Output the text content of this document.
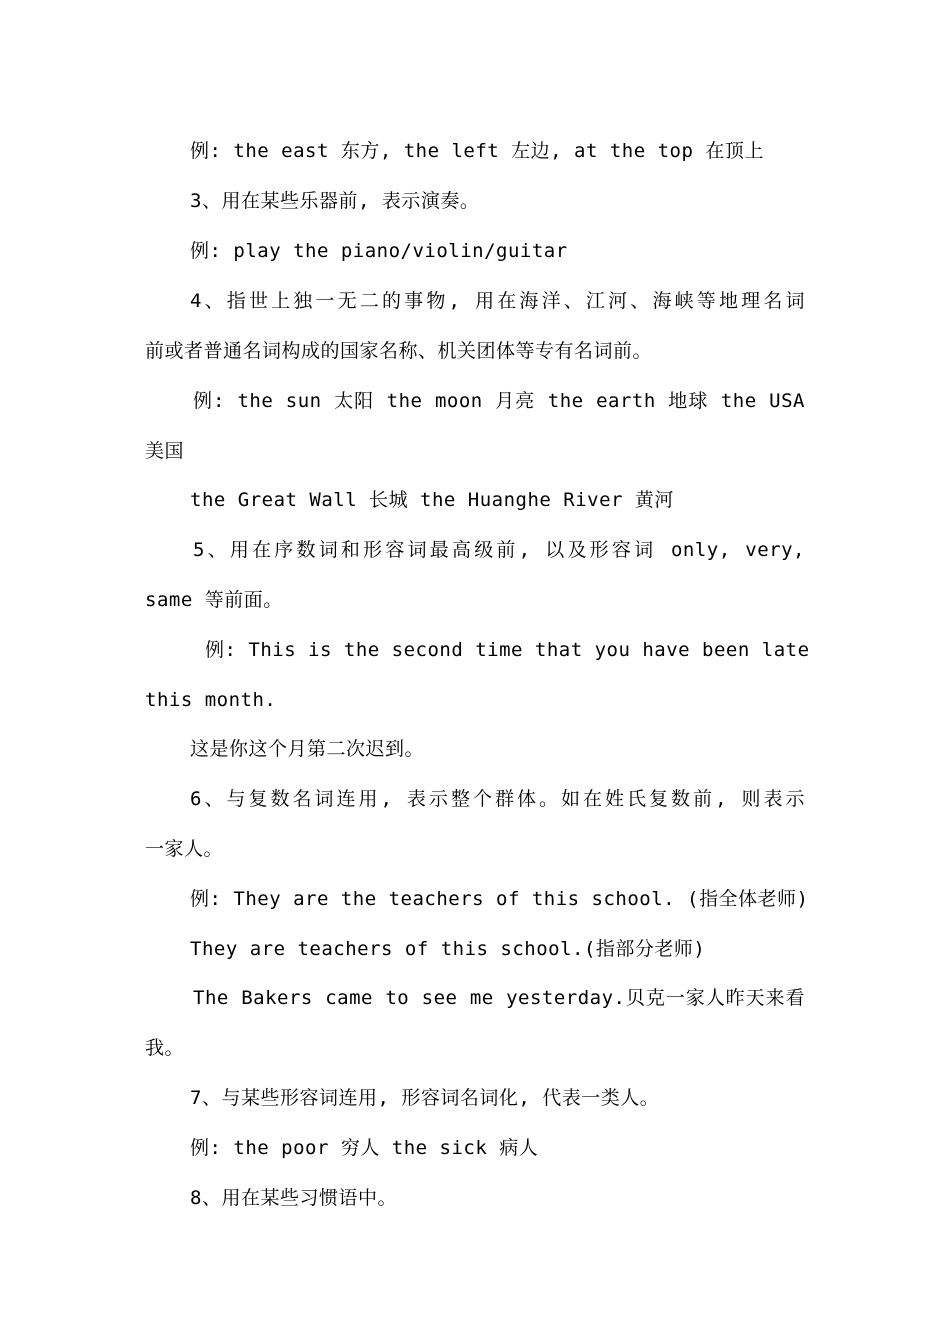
例: the east 东方, the left 左边, at the top 在顶上
3、用在某些乐器前, 表示演奏。
例: play the piano/violin/guitar
4、指世上独一无二的事物, 用在海洋、江河、海峡等地理名词
前或者普通名词构成的国家名称、机关团体等专有名词前。
例: the sun 太阳 the moon 月亮 the earth 地球 the USA
美国
the Great Wall 长城 the Huanghe River 黄河
5、用在序数词和形容词最高级前, 以及形容词 only, very,
same 等前面。
例: This is the second time that you have been late
this month.
这是你这个月第二次迟到。
6、与复数名词连用, 表示整个群体。如在姓氏复数前, 则表示
一家人。
例: They are the teachers of this school. (指全体老师)
They are teachers of this school.(指部分老师)
The Bakers came to see me yesterday.贝克一家人昨天来看
我。
7、与某些形容词连用, 形容词名词化, 代表一类人。
例: the poor 穷人 the sick 病人
8、用在某些习惯语中。
